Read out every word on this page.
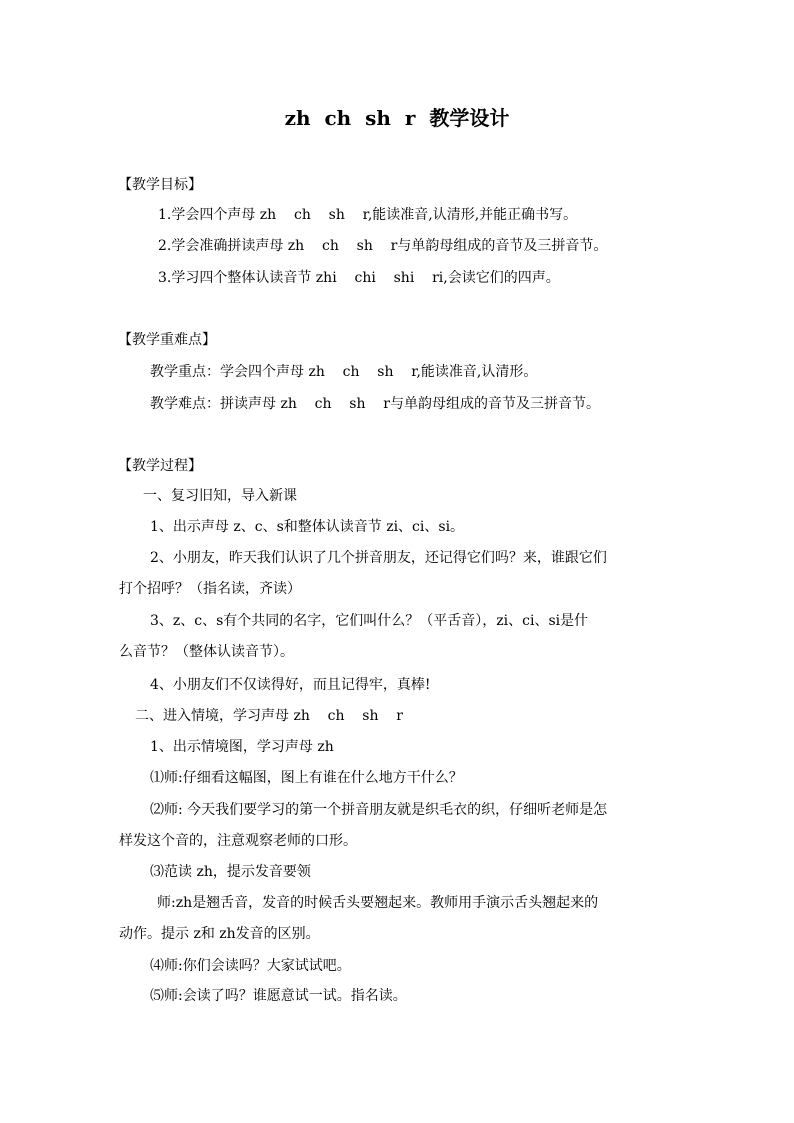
zh  ch  sh  r  教学设计
【教学目标】
1.学会四个声母 zh    ch    sh    r,能读准音,认清形,并能正确书写。
2.学会准确拼读声母 zh    ch    sh    r与单韵母组成的音节及三拼音节。
3.学习四个整体认读音节 zhi    chi    shi    ri,会读它们的四声。
【教学重难点】
教学重点：学会四个声母 zh    ch    sh    r,能读准音,认清形。
教学难点：拼读声母 zh    ch    sh    r与单韵母组成的音节及三拼音节。
【教学过程】
一、复习旧知，导入新课
1、出示声母 z、c、s和整体认读音节 zi、ci、si。
2、小朋友，昨天我们认识了几个拼音朋友，还记得它们吗？来，谁跟它们
打个招呼？（指名读，齐读）
3、z、c、s有个共同的名字，它们叫什么？（平舌音），zi、ci、si是什
么音节？（整体认读音节）。
4、小朋友们不仅读得好，而且记得牢，真棒!
二、进入情境，学习声母 zh    ch    sh    r
1、出示情境图，学习声母 zh
⑴师:仔细看这幅图，图上有谁在什么地方干什么？
⑵师: 今天我们要学习的第一个拼音朋友就是织毛衣的织，仔细听老师是怎
样发这个音的，注意观察老师的口形。
⑶范读 zh，提示发音要领
师:zh是翘舌音，发音的时候舌头要翘起来。教师用手演示舌头翘起来的
动作。提示 z和 zh发音的区别。
⑷师:你们会读吗？大家试试吧。
⑸师:会读了吗？谁愿意试一试。指名读。
